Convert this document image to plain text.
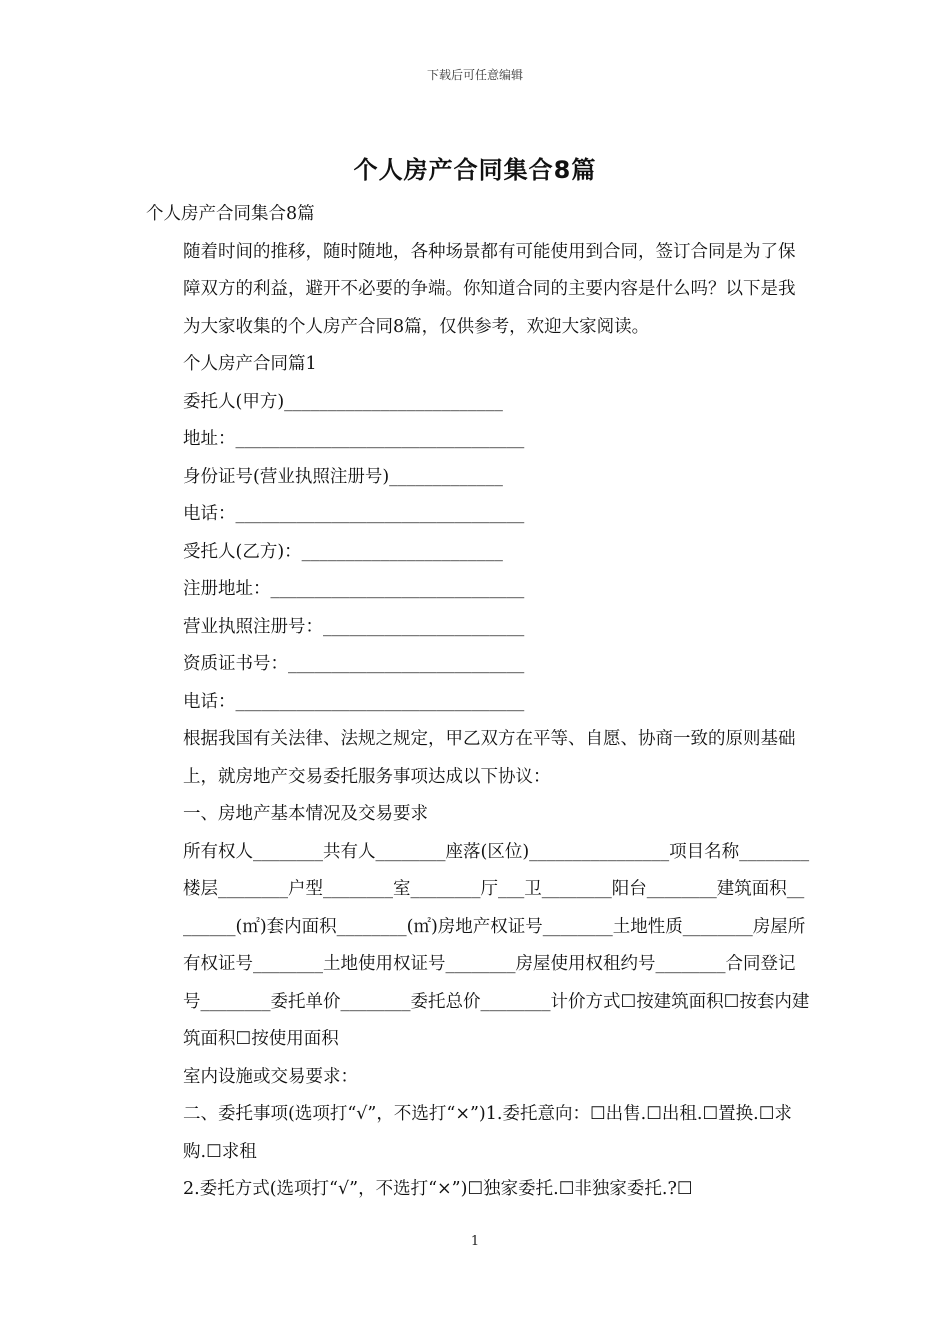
下载后可任意编辑
个人房产合同集合8篇

个人房产合同集合8篇

随着时间的推移，随时随地，各种场景都有可能使用到合同，签订合同是为了保障双方的利益，避开不必要的争端。你知道合同的主要内容是什么吗？以下是我为大家收集的个人房产合同8篇，仅供参考，欢迎大家阅读。

个人房产合同篇1

委托人(甲方)_________________________

地址：_________________________________

身份证号(营业执照注册号)_____________

电话：_________________________________

受托人(乙方)：_______________________

注册地址：_____________________________

营业执照注册号：_______________________

资质证书号：___________________________

电话：_________________________________

根据我国有关法律、法规之规定，甲乙双方在平等、自愿、协商一致的原则基础上，就房地产交易委托服务事项达成以下协议：

一、房地产基本情况及交易要求

所有权人________共有人________座落(区位)________________项目名称________楼层________户型________室________厅___卫________阳台________建筑面积________(㎡)套内面积________(㎡)房地产权证号________土地性质________房屋所有权证号________土地使用权证号________房屋使用权租约号________合同登记号________委托单价________委托总价________计价方式☐按建筑面积☐按套内建筑面积☐按使用面积

室内设施或交易要求：

二、委托事项(选项打“√”，不选打“×”)1.委托意向：☐出售.☐出租.☐置换.☐求购.☐求租

2.委托方式(选项打“√”，不选打“×”)☐独家委托.☐非独家委托.?☐

1
